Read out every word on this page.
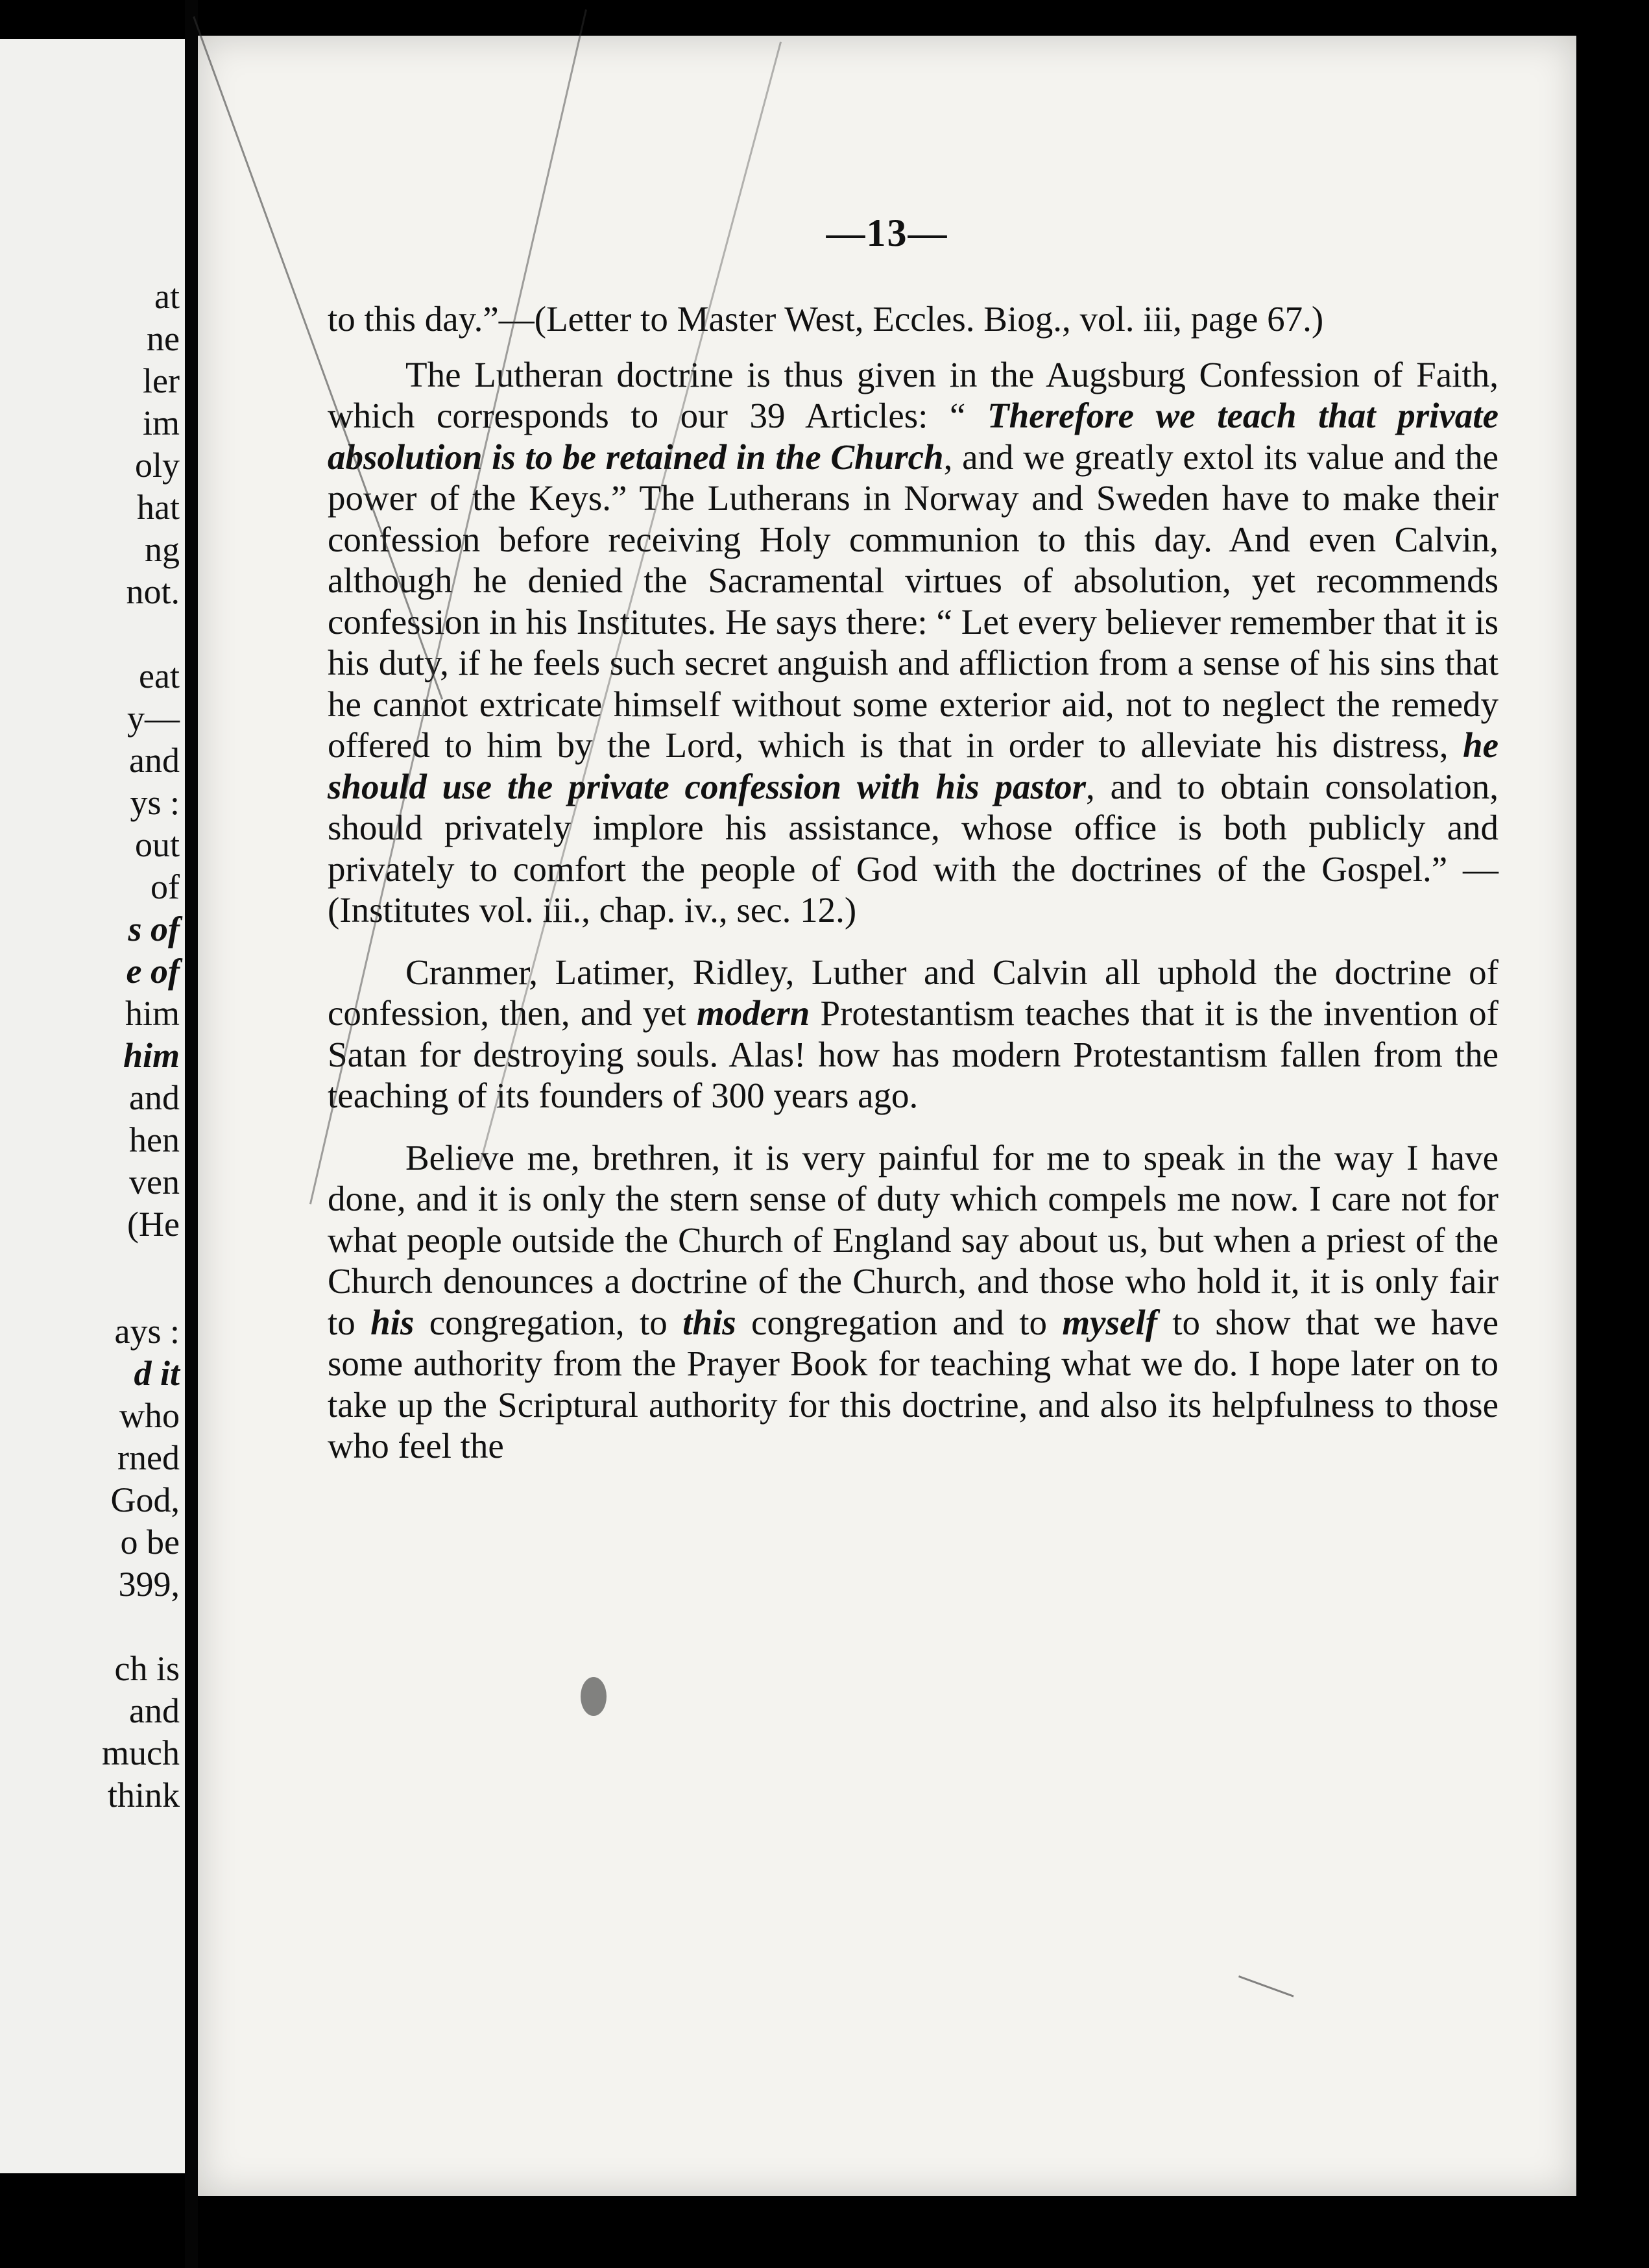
at
ne
ler
im
oly
hat
ng
not.
eat
y—
and
ys :
out
of
s of
e of
him
him
and
hen
ven
(He
ays :
d it
who
rned
God,
o be
399,
ch is
and
much
think
—13—

to this day.”—(Letter to Master West, Eccles. Biog., vol. iii, page 67.)

The Lutheran doctrine is thus given in the Augsburg Confession of Faith, which corresponds to our 39 Articles: “ Therefore we teach that private absolution is to be retained in the Church, and we greatly extol its value and the power of the Keys.” The Lutherans in Norway and Sweden have to make their confession before receiving Holy communion to this day. And even Calvin, although he denied the Sacramental virtues of absolution, yet recommends confession in his Institutes. He says there: “ Let every believer remember that it is his duty, if he feels such secret anguish and affliction from a sense of his sins that he cannot extricate himself without some exterior aid, not to neglect the remedy offered to him by the Lord, which is that in order to alleviate his distress, he should use the private confession with his pastor, and to obtain consolation, should privately implore his assistance, whose office is both publicly and privately to comfort the people of God with the doctrines of the Gospel.” — (Institutes vol. iii., chap. iv., sec. 12.)

Cranmer, Latimer, Ridley, Luther and Calvin all uphold the doctrine of confession, then, and yet modern Protestantism teaches that it is the invention of Satan for destroying souls. Alas! how has modern Protestantism fallen from the teaching of its founders of 300 years ago.

Believe me, brethren, it is very painful for me to speak in the way I have done, and it is only the stern sense of duty which compels me now. I care not for what people outside the Church of England say about us, but when a priest of the Church denounces a doctrine of the Church, and those who hold it, it is only fair to his congregation, to this congregation and to myself to show that we have some authority from the Prayer Book for teaching what we do. I hope later on to take up the Scriptural authority for this doctrine, and also its helpfulness to those who feel the
